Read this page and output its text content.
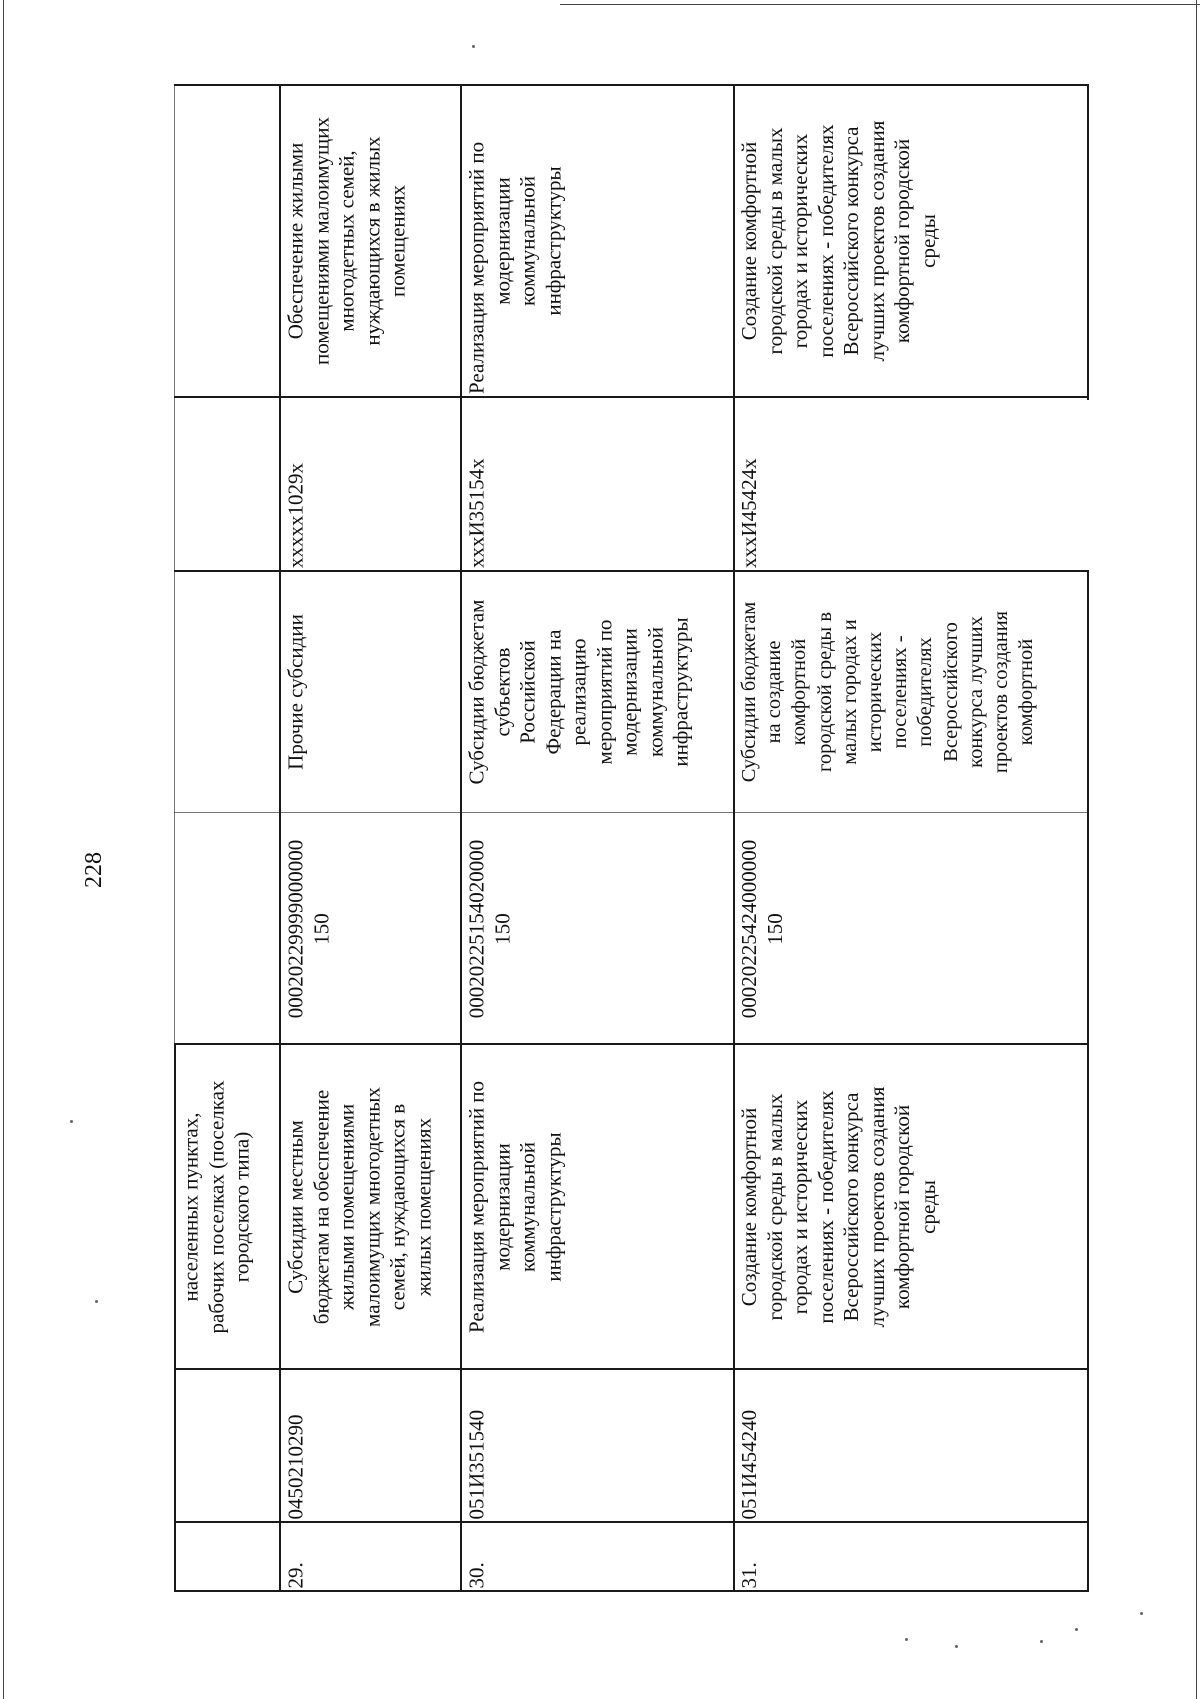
228
населенных пунктах, рабочих поселках (поселках городского типа)
29.
0450210290
Субсидии местным бюджетам на обеспечение жилыми помещениями малоимущих многодетных семей, нуждающихся в жилых помещениях
00020229999000000 150
Прочие субсидии
xxxxx1029x
Обеспечение жилыми помещениями малоимущих многодетных семей, нуждающихся в жилых помещениях
30.
051И351540
Реализация мероприятий по модернизации коммунальной инфраструктуры
00020225154020000 150
Субсидии бюджетам субъектов Российской Федерации на реализацию мероприятий по модернизации коммунальной инфраструктуры
xxxИ35154x
Реализация мероприятий по модернизации коммунальной инфраструктуры
31.
051И454240
Создание комфортной городской среды в малых городах и исторических поселениях - победителях Всероссийского конкурса лучших проектов создания комфортной городской среды
00020225424000000 150
Субсидии бюджетам на создание комфортной городской среды в малых городах и исторических поселениях - победителях Всероссийского конкурса лучших проектов создания комфортной
xxxИ45424x
Создание комфортной городской среды в малых городах и исторических поселениях - победителях Всероссийского конкурса лучших проектов создания комфортной городской среды
